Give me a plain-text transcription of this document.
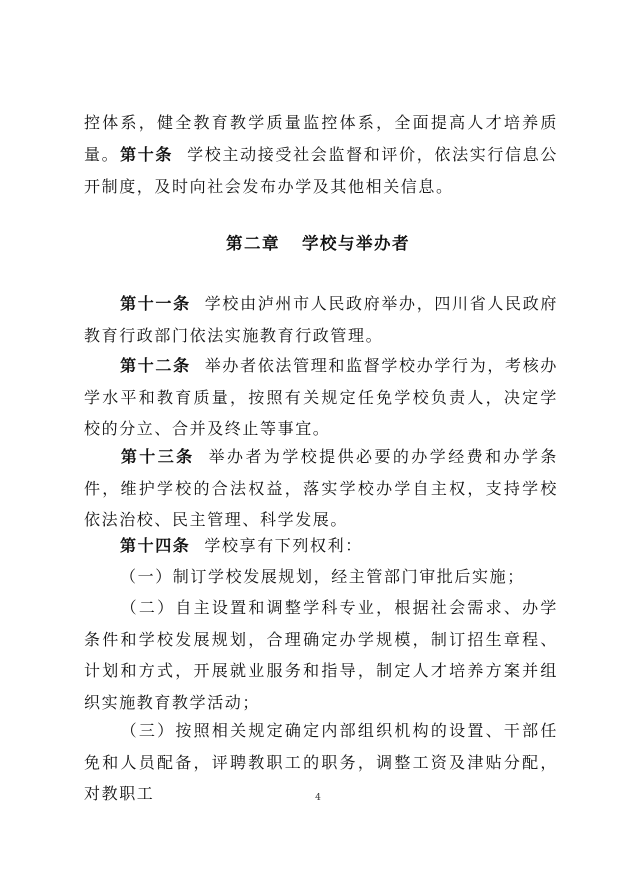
控体系，健全教育教学质量监控体系，全面提高人才培养质量。 第十条 学校主动接受社会监督和评价，依法实行信息公开制度，及时向社会发布办学及其他相关信息。

第二章 学校与举办者

第十一条 学校由泸州市人民政府举办，四川省人民政府教育行政部门依法实施教育行政管理。

第十二条 举办者依法管理和监督学校办学行为，考核办学水平和教育质量，按照有关规定任免学校负责人，决定学校的分立、合并及终止等事宜。

第十三条 举办者为学校提供必要的办学经费和办学条件，维护学校的合法权益，落实学校办学自主权，支持学校依法治校、民主管理、科学发展。

第十四条 学校享有下列权利：

（一）制订学校发展规划，经主管部门审批后实施；

（二）自主设置和调整学科专业，根据社会需求、办学条件和学校发展规划，合理确定办学规模，制订招生章程、计划和方式，开展就业服务和指导，制定人才培养方案并组织实施教育教学活动；

（三）按照相关规定确定内部组织机构的设置、干部任免和人员配备，评聘教职工的职务，调整工资及津贴分配，对教职工	4
